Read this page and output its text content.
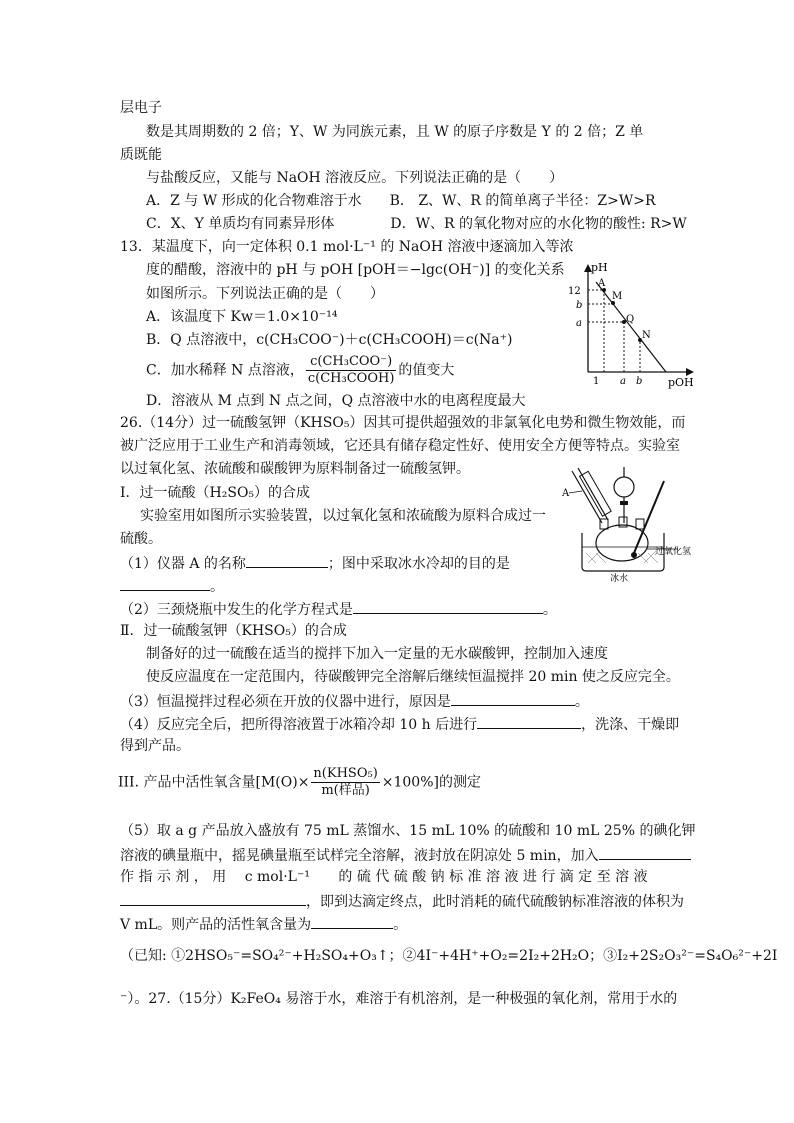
层电子
数是其周期数的 2 倍；Y、W 为同族元素，且 W 的原子序数是 Y 的 2 倍；Z 单
质既能
与盐酸反应，又能与 NaOH 溶液反应。下列说法正确的是（　　）
A．Z 与 W 形成的化合物难溶于水　　B． Z、W、R 的简单离子半径：Z>W>R
C．X、Y 单质均有同素异形体　　　　D．W、R 的氧化物对应的水化物的酸性: R>W
13．某温度下，向一定体积 0.1 mol·L⁻¹ 的 NaOH 溶液中逐滴加入等浓
度的醋酸，溶液中的 pH 与 pOH [pOH＝−lgc(OH⁻)] 的变化关系
如图所示。下列说法正确的是（　　）
A．该温度下 Kw＝1.0×10⁻¹⁴
B．Q 点溶液中，c(CH₃COO⁻)＋c(CH₃COOH)＝c(Na⁺)
C．加水稀释 N 点溶液， $\frac{\text{c(CH₃COO⁻)}}{\text{c(CH₃COOH)}}$ 的值变大
D．溶液从 M 点到 N 点之间，Q 点溶液中水的电离程度最大
26.（14分）过一硫酸氢钾（KHSO₅）因其可提供超强效的非氯氧化电势和微生物效能，而
被广泛应用于工业生产和消毒领域，它还具有储存稳定性好、使用安全方便等特点。实验室
以过氧化氢、浓硫酸和碳酸钾为原料制备过一硫酸氢钾。
Ⅰ．过一硫酸（H₂SO₅）的合成
实验室用如图所示实验装置，以过氧化氢和浓硫酸为原料合成过一
硫酸。
（1）仪器 A 的名称	；图中采取冰水冷却的目的是
。
（2）三颈烧瓶中发生的化学方程式是	。
Ⅱ．过一硫酸氢钾（KHSO₅）的合成
制备好的过一硫酸在适当的搅拌下加入一定量的无水碳酸钾，控制加入速度
使反应温度在一定范围内，待碳酸钾完全溶解后继续恒温搅拌 20 min 使之反应完全。
（3）恒温搅拌过程必须在开放的仪器中进行，原因是	。
（4）反应完全后，把所得溶液置于冰箱冷却 10 h 后进行	，洗涤、干燥即
得到产品。
III. 产品中活性氧含量$[M(O)\times \frac{\text{n(KHSO₅)}}{\text{m(样品)}} \times 100\%]$的测定
（5）取 a g 产品放入盛放有 75 mL 蒸馏水、15 mL 10% 的硫酸和 10 mL 25% 的碘化钾
溶液的碘量瓶中，摇晃碘量瓶至试样完全溶解，液封放在阴凉处 5 min，加入
作 指 示 剂 ， 用 c mol·L⁻¹ 的 硫 代 硫 酸 钠 标 准 溶 液 进 行 滴 定 至 溶 液
，即到达滴定终点，此时消耗的硫代硫酸钠标准溶液的体积为
V mL。则产品的活性氧含量为	。
（已知: ①2HSO₅⁻=SO₄²⁻+H₂SO₄+O₃↑；②4I⁻+4H⁺+O₂=2I₂+2H₂O；③I₂+2S₂O₃²⁻=S₄O₆²⁻+2I
⁻）。27.（15分）K₂FeO₄ 易溶于水，难溶于有机溶剂，是一种极强的氧化剂，常用于水的
pH
pOH
A
M
Q
N
12
b
a
1 a b
A
过氧化氢
冰水
